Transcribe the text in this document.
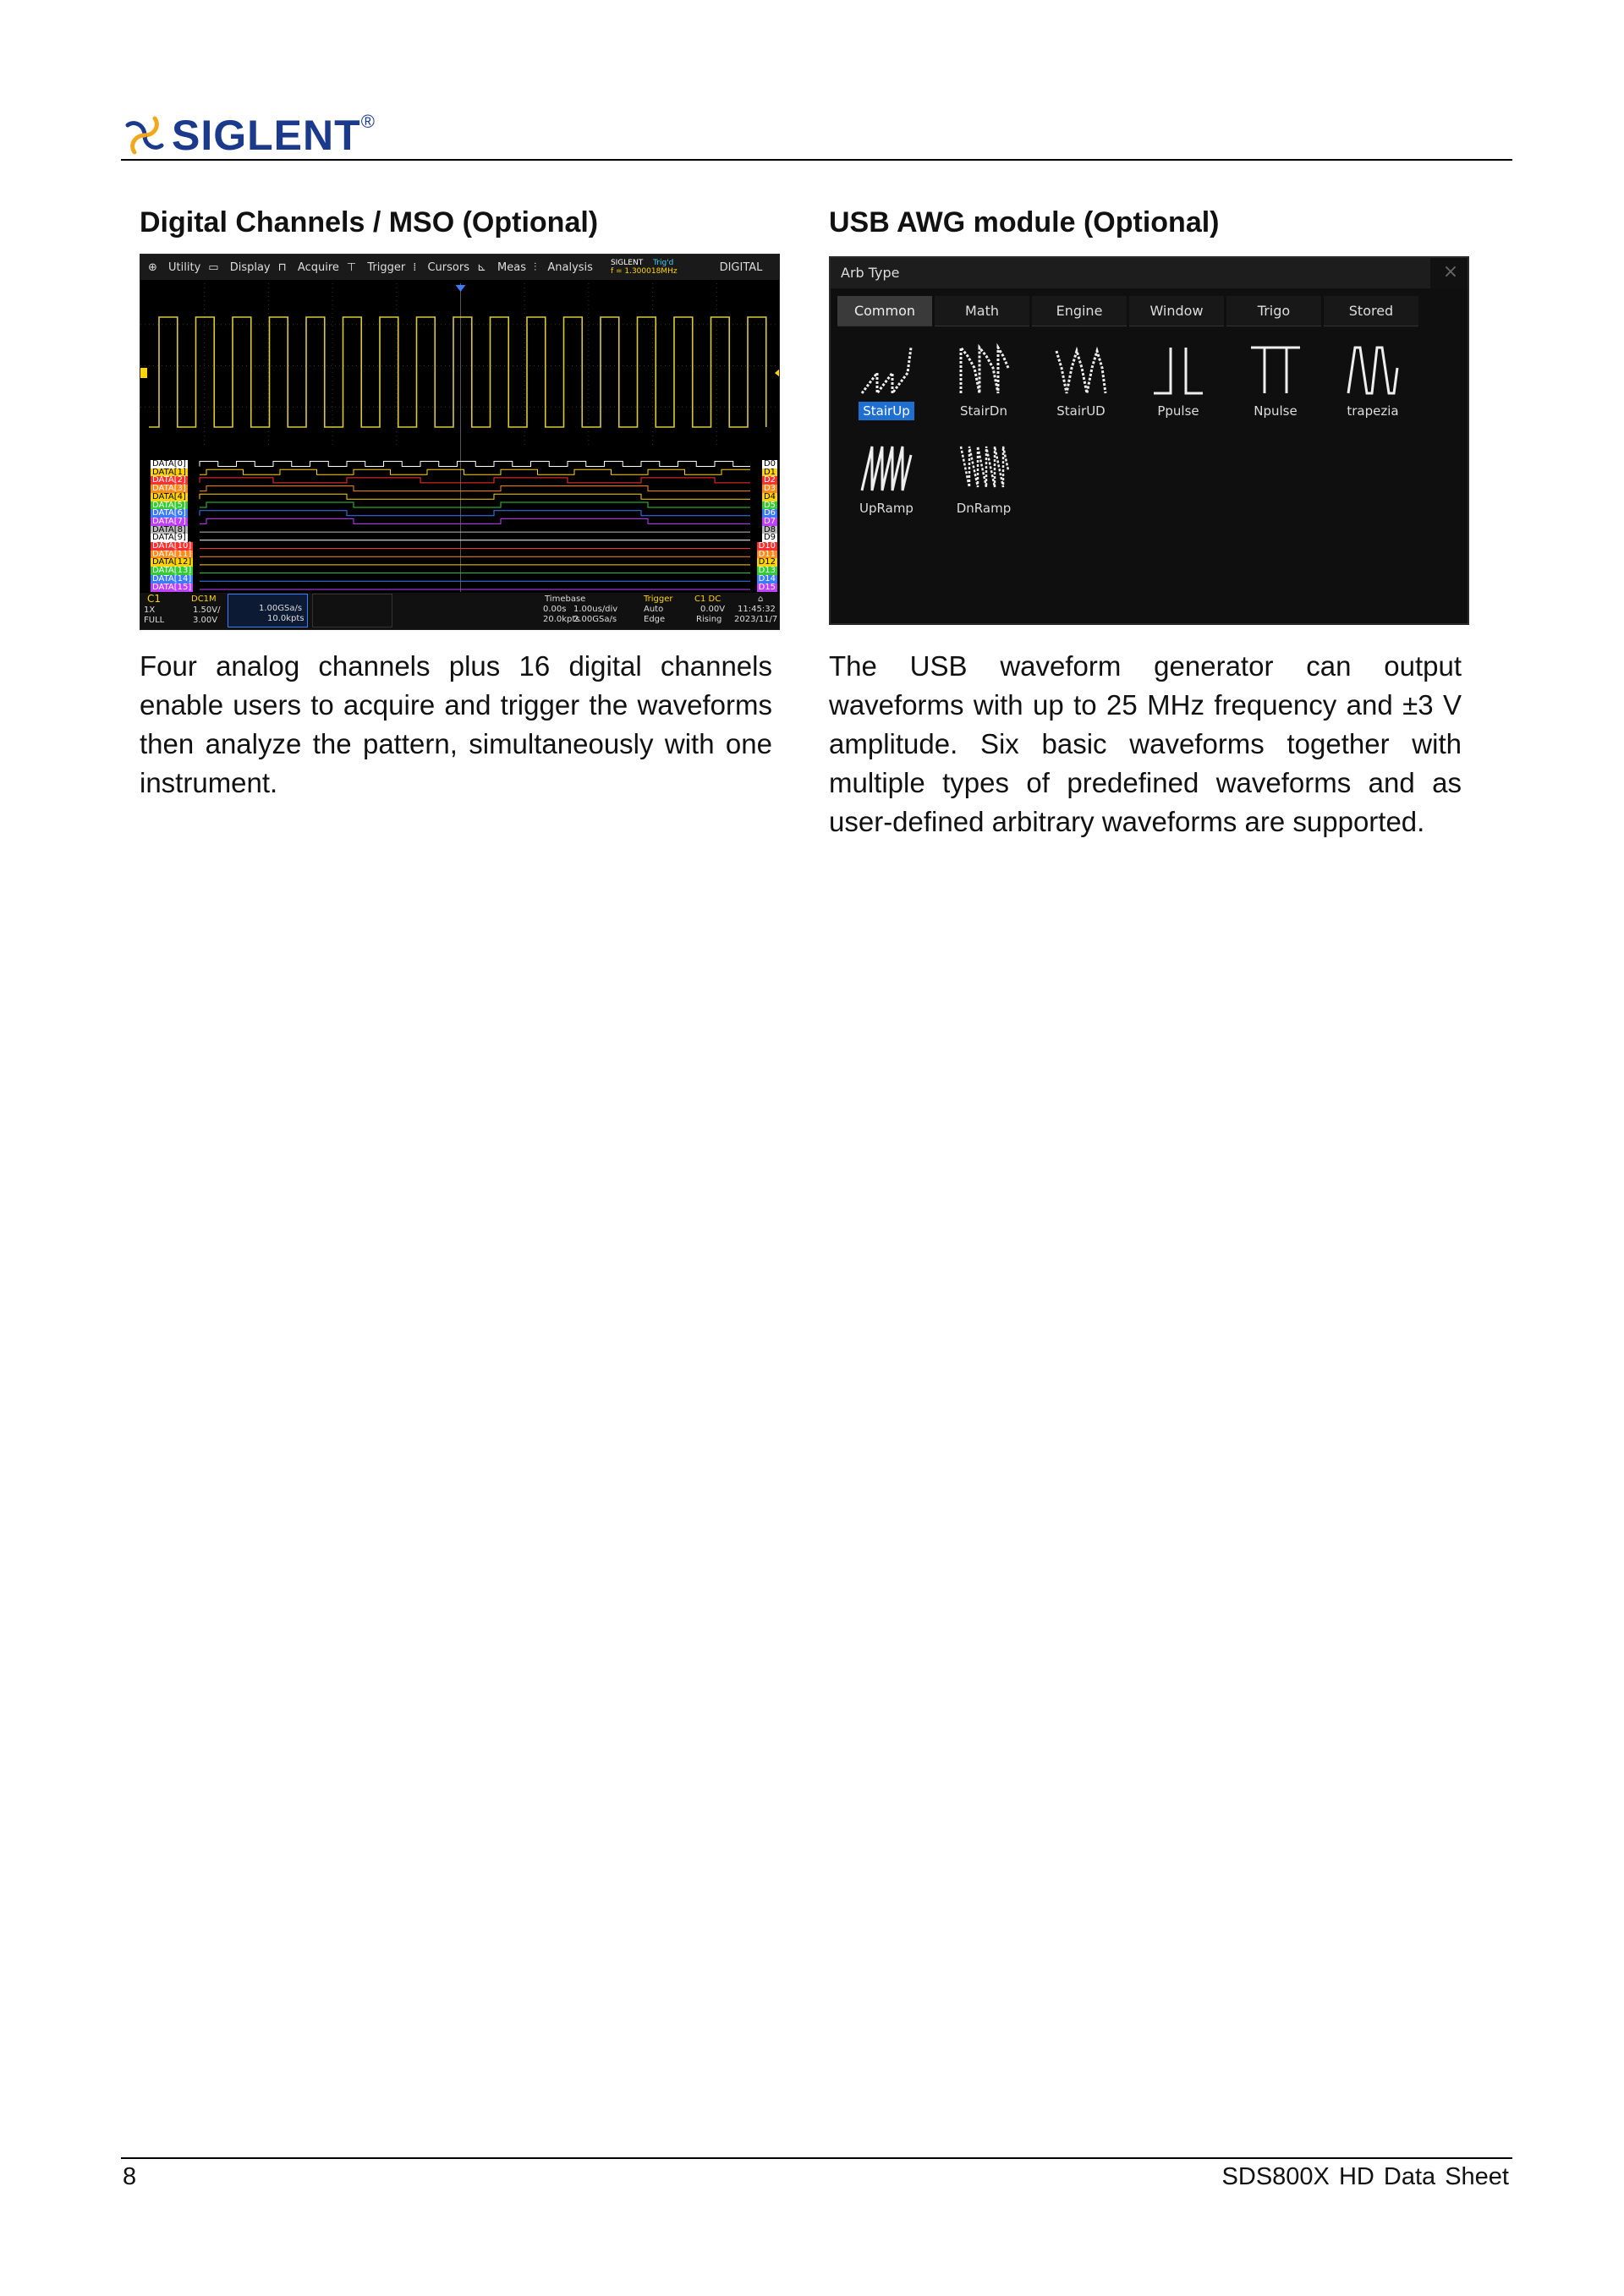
SIGLENT®
Digital Channels / MSO (Optional)
⊕ Utility ▭ Display ⊓ Acquire ⊤ Trigger ⁞ Cursors ⊾ Meas ⫶ Analysis	SIGLENT Trig'd
f = 1.300018MHz	DIGITAL
DATA[0]
DATA[1]
DATA[2]
DATA[3]
DATA[4]
DATA[5]
DATA[6]
DATA[7]
DATA[8]
DATA[9]
DATA[10]
DATA[11]
DATA[12]
DATA[13]
DATA[14]
DATA[15]
D0
D1
D2
D3
D4
D5
D6
D7
D8
D9
D10
D11
D12
D13
D14
D15
C1	DC1M
1X	1.50V/
FULL	3.00V
1.00GSa/s
10.0kpts
Timebase
0.00s 1.00us/div
20.0kpts
2.00GSa/s
Trigger	C1 DC
Auto	0.00V
Edge	Rising
⌂
11:45:32
2023/11/7
Four analog channels plus 16 digital channels
enable users to acquire and trigger the waveforms
then analyze the pattern, simultaneously with one
instrument.
USB AWG module (Optional)
Arb Type	×
Common	Math	Engine	Window	Trigo	Stored
StairUp	StairDn	StairUD	Ppulse	Npulse	trapezia
UpRamp	DnRamp
The USB waveform generator can output
waveforms with up to 25 MHz frequency and ±3 V
amplitude. Six basic waveforms together with
multiple types of predefined waveforms and as
user-defined arbitrary waveforms are supported.
8	SDS800X HD Data Sheet
